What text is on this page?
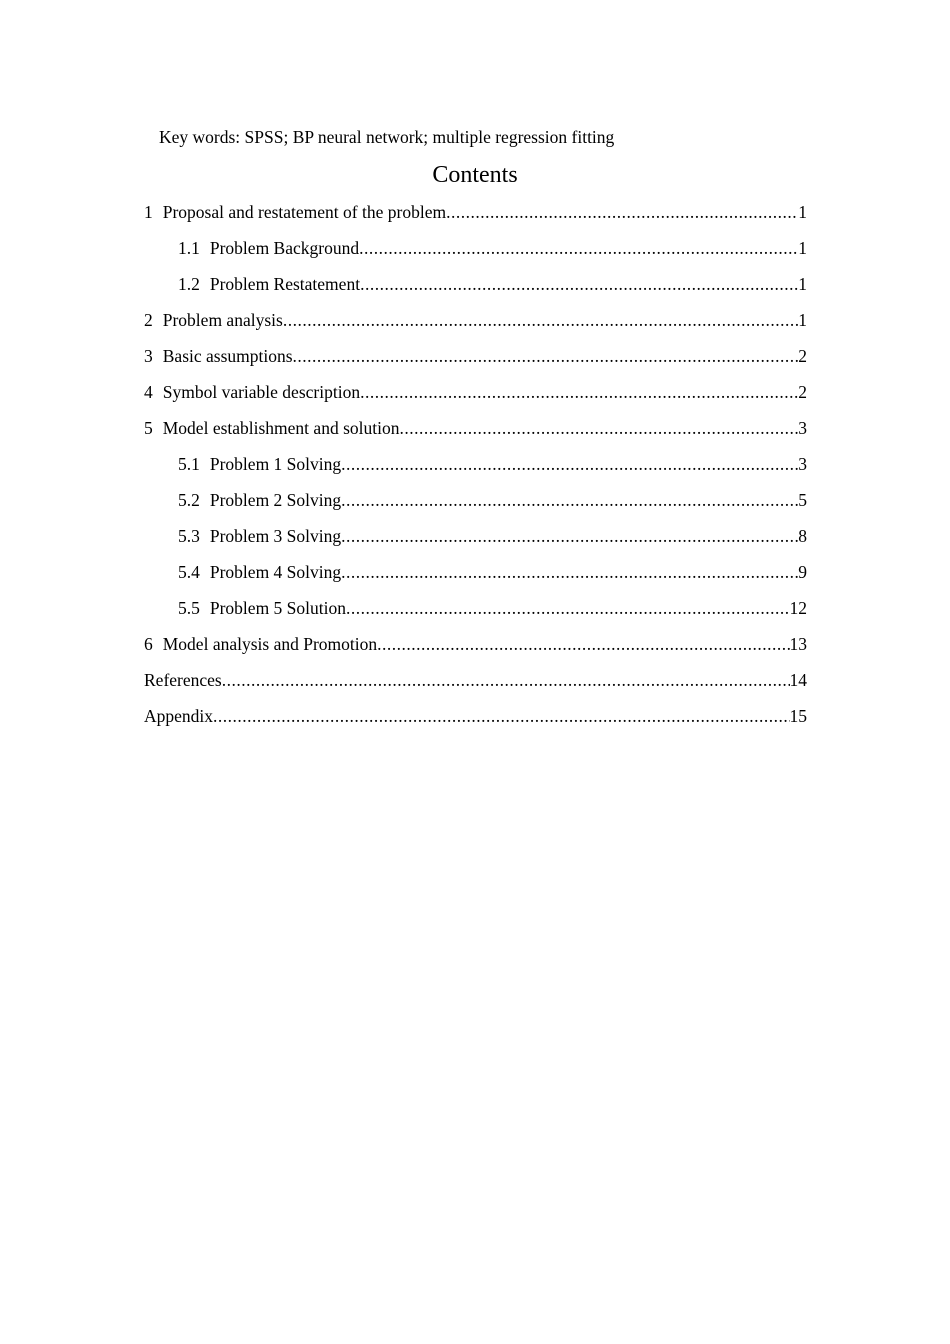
Key words: SPSS; BP neural network; multiple regression fitting
Contents
1 Proposal and restatement of the problem .....	1
1.1 Problem Background .....	1
1.2 Problem Restatement .....	1
2 Problem analysis .....	1
3 Basic assumptions .....	2
4 Symbol variable description .....	2
5 Model establishment and solution .....	3
5.1 Problem 1 Solving .....	3
5.2 Problem 2 Solving .....	5
5.3 Problem 3 Solving .....	8
5.4 Problem 4 Solving .....	9
5.5 Problem 5 Solution .....	12
6 Model analysis and Promotion .....	13
References .....	14
Appendix .....	15
